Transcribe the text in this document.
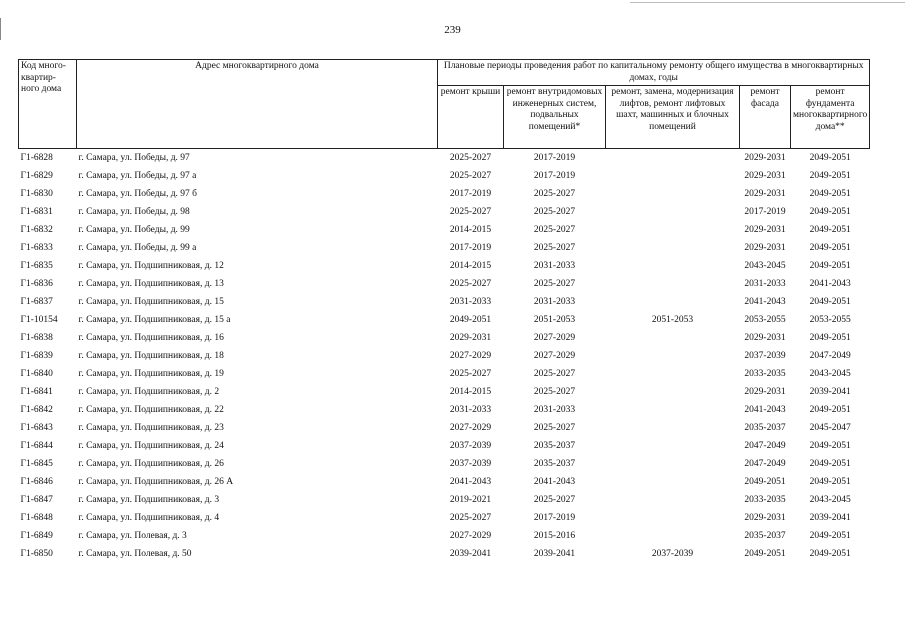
239
Код много-
квартир-
ного дома	Адрес многоквартирного дома	Плановые периоды проведения работ по капитальному ремонту общего имущества в многоквартирных домах, годы				
		ремонт крыши	ремонт внутридомовых инженерных систем, подвальных помещений*	ремонт, замена, модернизация лифтов, ремонт лифтовых шахт, машинных и блочных помещений	ремонт фасада	ремонт фундамента многоквартирного дома**
Г1-6828	г. Самара, ул. Победы, д. 97	2025-2027	2017-2019		2029-2031	2049-2051
Г1-6829	г. Самара, ул. Победы, д. 97 а	2025-2027	2017-2019		2029-2031	2049-2051
Г1-6830	г. Самара, ул. Победы, д. 97 б	2017-2019	2025-2027		2029-2031	2049-2051
Г1-6831	г. Самара, ул. Победы, д. 98	2025-2027	2025-2027		2017-2019	2049-2051
Г1-6832	г. Самара, ул. Победы, д. 99	2014-2015	2025-2027		2029-2031	2049-2051
Г1-6833	г. Самара, ул. Победы, д. 99 а	2017-2019	2025-2027		2029-2031	2049-2051
Г1-6835	г. Самара, ул. Подшипниковая, д. 12	2014-2015	2031-2033		2043-2045	2049-2051
Г1-6836	г. Самара, ул. Подшипниковая, д. 13	2025-2027	2025-2027		2031-2033	2041-2043
Г1-6837	г. Самара, ул. Подшипниковая, д. 15	2031-2033	2031-2033		2041-2043	2049-2051
Г1-10154	г. Самара, ул. Подшипниковая, д. 15 а	2049-2051	2051-2053	2051-2053	2053-2055	2053-2055
Г1-6838	г. Самара, ул. Подшипниковая, д. 16	2029-2031	2027-2029		2029-2031	2049-2051
Г1-6839	г. Самара, ул. Подшипниковая, д. 18	2027-2029	2027-2029		2037-2039	2047-2049
Г1-6840	г. Самара, ул. Подшипниковая, д. 19	2025-2027	2025-2027		2033-2035	2043-2045
Г1-6841	г. Самара, ул. Подшипниковая, д. 2	2014-2015	2025-2027		2029-2031	2039-2041
Г1-6842	г. Самара, ул. Подшипниковая, д. 22	2031-2033	2031-2033		2041-2043	2049-2051
Г1-6843	г. Самара, ул. Подшипниковая, д. 23	2027-2029	2025-2027		2035-2037	2045-2047
Г1-6844	г. Самара, ул. Подшипниковая, д. 24	2037-2039	2035-2037		2047-2049	2049-2051
Г1-6845	г. Самара, ул. Подшипниковая, д. 26	2037-2039	2035-2037		2047-2049	2049-2051
Г1-6846	г. Самара, ул. Подшипниковая, д. 26 А	2041-2043	2041-2043		2049-2051	2049-2051
Г1-6847	г. Самара, ул. Подшипниковая, д. 3	2019-2021	2025-2027		2033-2035	2043-2045
Г1-6848	г. Самара, ул. Подшипниковая, д. 4	2025-2027	2017-2019		2029-2031	2039-2041
Г1-6849	г. Самара, ул. Полевая, д. 3	2027-2029	2015-2016		2035-2037	2049-2051
Г1-6850	г. Самара, ул. Полевая, д. 50	2039-2041	2039-2041	2037-2039	2049-2051	2049-2051
